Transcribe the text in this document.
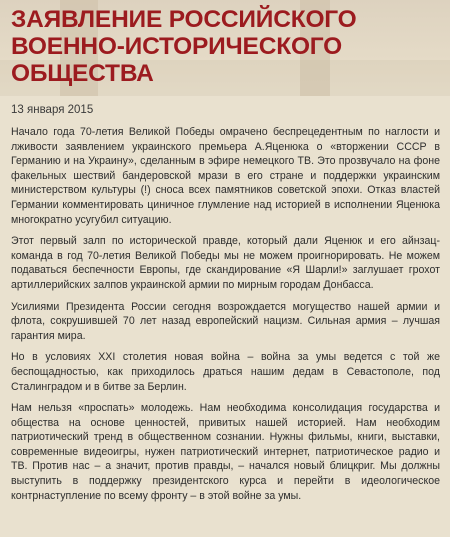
ЗАЯВЛЕНИЕ РОССИЙСКОГО ВОЕННО-ИСТОРИЧЕСКОГО ОБЩЕСТВА
13 января 2015

Начало года 70-летия Великой Победы омрачено беспрецедентным по наглости и лживости заявлением украинского премьера А.Яценюка о «вторжении СССР в Германию и на Украину», сделанным в эфире немецкого ТВ. Это прозвучало на фоне факельных шествий бандеровской мрази в его стране и поддержки украинским министерством культуры (!) сноса всех памятников советской эпохи. Отказ властей Германии комментировать циничное глумление над историей в исполнении Яценюка многократно усугубил ситуацию.

Этот первый залп по исторической правде, который дали Яценюк и его айнзац-команда в год 70-летия Великой Победы мы не можем проигнорировать. Не можем подаваться беспечности Европы, где скандирование «Я Шарли!» заглушает грохот артиллерийских залпов украинской армии по мирным городам Донбасса.

Усилиями Президента России сегодня возрождается могущество нашей армии и флота, сокрушившей 70 лет назад европейский нацизм. Сильная армия – лучшая гарантия мира.

Но в условиях XXI столетия новая война – война за умы ведется с той же беспощадностью, как приходилось драться нашим дедам в Севастополе, под Сталинградом и в битве за Берлин.

Нам нельзя «проспать» молодежь. Нам необходима консолидация государства и общества на основе ценностей, привитых нашей историей. Нам необходим патриотический тренд в общественном сознании. Нужны фильмы, книги, выставки, современные видеоигры, нужен патриотический интернет, патриотическое радио и ТВ. Против нас – а значит, против правды, – начался новый блицкриг. Мы должны выступить в поддержку президентского курса и перейти в идеологическое контрнаступление по всему фронту – в этой войне за умы.
